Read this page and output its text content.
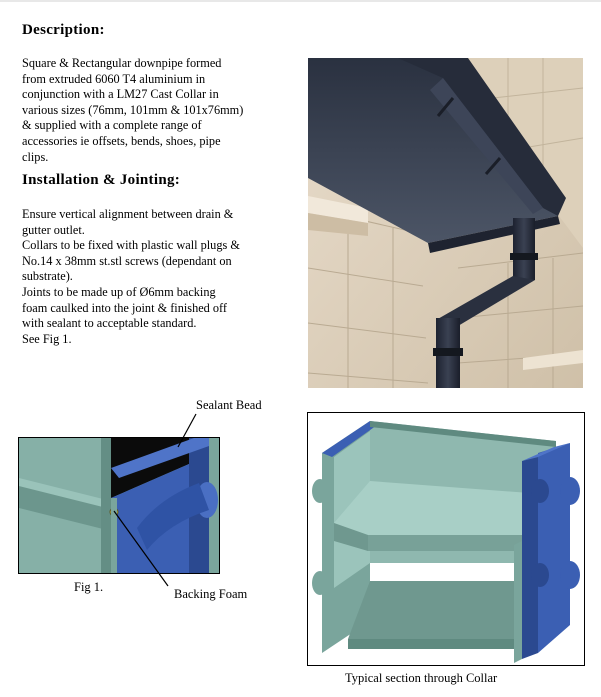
Description:
Square & Rectangular downpipe formed
from extruded 6060 T4 aluminium in
conjunction with a LM27 Cast Collar in
various sizes (76mm, 101mm & 101x76mm)
& supplied with a complete range of
accessories ie offsets, bends, shoes, pipe
clips.
Installation & Jointing:
Ensure vertical alignment between drain &
gutter outlet.
Collars to be fixed with plastic wall plugs &
No.14 x 38mm st.stl screws (dependant on
substrate).
Joints to be made up of Ø6mm backing
foam caulked into the joint & finished off
with sealant to acceptable standard.
See Fig 1.
Sealant Bead
Fig 1.	Backing Foam
Typical section through Collar
